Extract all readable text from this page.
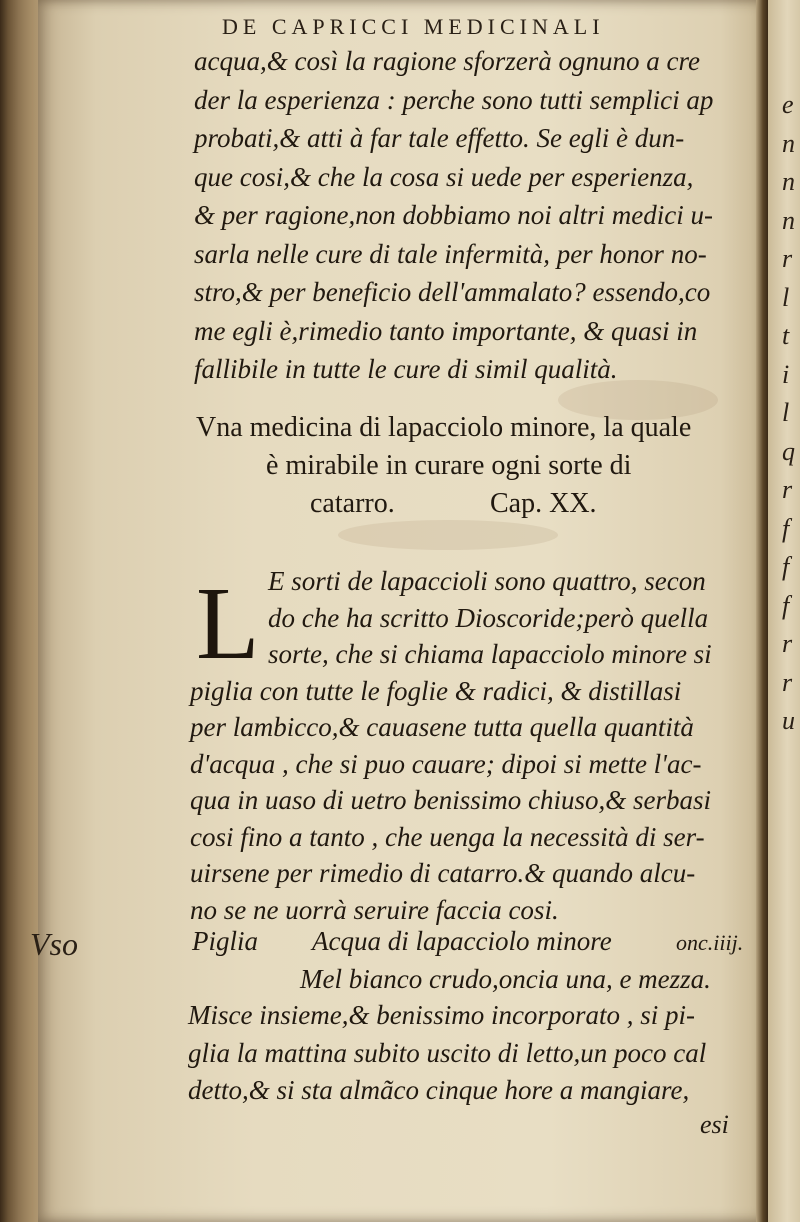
e
n
n
n
r
l
t
i
l
q
r
f
f
f
r
r
u
DE CAPRICCI MEDICINALI
acqua,& così la ragione sforzerà ognuno a cre
der la esperienza : perche sono tutti semplici ap
probati,& atti à far tale effetto. Se egli è dun-
que cosi,& che la cosa si uede per esperienza,
& per ragione,non dobbiamo noi altri medici u-
sarla nelle cure di tale infermità, per honor no-
stro,& per beneficio dell'ammalato? essendo,co
me egli è,rimedio tanto importante, & quasi in
fallibile in tutte le cure di simil qualità.
Vna medicina di lapacciolo minore, la quale
è mirabile in curare ogni sorte di
catarro.	Cap. XX.
L E sorti de lapaccioli sono quattro, secon
do che ha scritto Dioscoride;però quella
sorte, che si chiama lapacciolo minore si
piglia con tutte le foglie & radici, & distillasi
per lambicco,& cauasene tutta quella quantità
d'acqua , che si puo cauare; dipoi si mette l'ac-
qua in uaso di uetro benissimo chiuso,& serbasi
cosi fino a tanto , che uenga la necessità di ser-
uirsene per rimedio di catarro.& quando alcu-
no se ne uorrà seruire faccia cosi.
Piglia Acqua di lapacciolo minore	onc.iiij.
Mel bianco crudo,oncia una, e mezza.
Misce insieme,& benissimo incorporato , si pi-
glia la mattina subito uscito di letto,un poco cal
detto,& si sta almãco cinque hore a mangiare,
esi
Vso
